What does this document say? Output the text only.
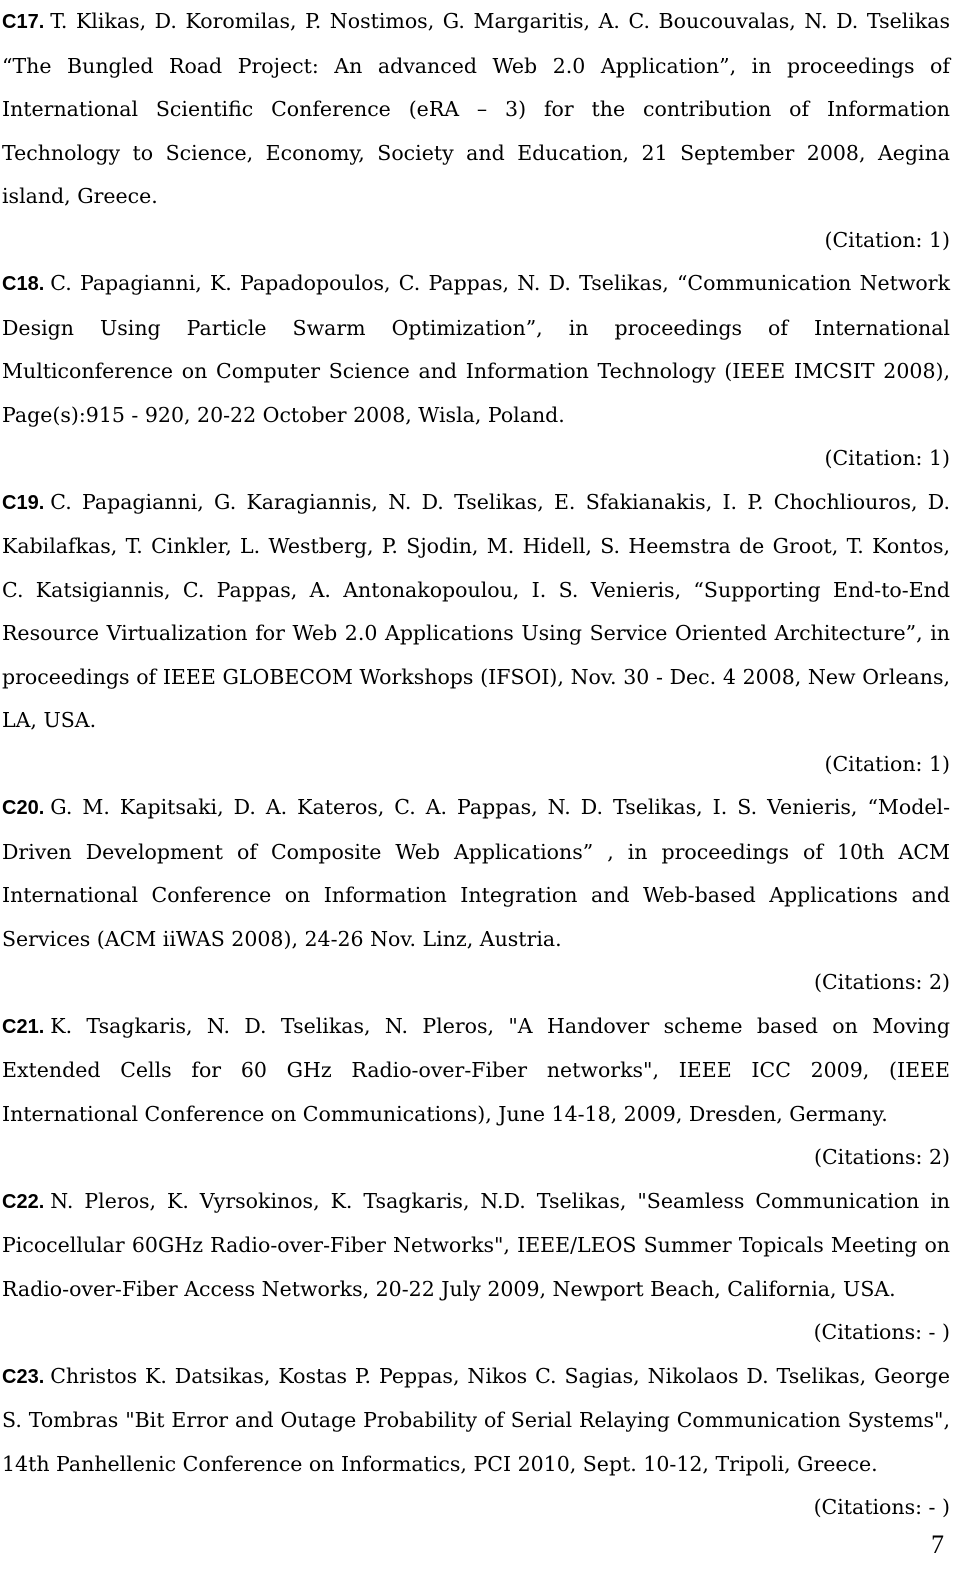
C17. T. Klikas, D. Koromilas, P. Nostimos, G. Margaritis, A. C. Boucouvalas, N. D. Tselikas “The Bungled Road Project: An advanced Web 2.0 Application”, in proceedings of International Scientific Conference (eRA – 3) for the contribution of Information Technology to Science, Economy, Society and Education, 21 September 2008, Aegina island, Greece.

(Citation: 1)

C18. C. Papagianni, K. Papadopoulos, C. Pappas, N. D. Tselikas, “Communication Network Design Using Particle Swarm Optimization”, in proceedings of International Multiconference on Computer Science and Information Technology (IEEE IMCSIT 2008), Page(s):915 - 920, 20-22 October 2008, Wisla, Poland.

(Citation: 1)

C19. C. Papagianni, G. Karagiannis, N. D. Tselikas, E. Sfakianakis, I. P. Chochliouros, D. Kabilafkas, T. Cinkler, L. Westberg, P. Sjodin, M. Hidell, S. Heemstra de Groot, T. Kontos, C. Katsigiannis, C. Pappas, A. Antonakopoulou, I. S. Venieris, “Supporting End-to-End Resource Virtualization for Web 2.0 Applications Using Service Oriented Architecture”, in proceedings of IEEE GLOBECOM Workshops (IFSOI), Nov. 30 - Dec. 4 2008, New Orleans, LA, USA.

(Citation: 1)

C20. G. M. Kapitsaki, D. A. Kateros, C. A. Pappas, N. D. Tselikas, I. S. Venieris, “Model-Driven Development of Composite Web Applications” , in proceedings of 10th ACM International Conference on Information Integration and Web-based Applications and Services (ACM iiWAS 2008), 24-26 Nov. Linz, Austria.

(Citations: 2)

C21. K. Tsagkaris, N. D. Tselikas, N. Pleros, "A Handover scheme based on Moving Extended Cells for 60 GHz Radio-over-Fiber networks", IEEE ICC 2009, (IEEE International Conference on Communications), June 14-18, 2009, Dresden, Germany.

(Citations: 2)

C22. N. Pleros, K. Vyrsokinos, K. Tsagkaris, N.D. Tselikas, "Seamless Communication in Picocellular 60GHz Radio-over-Fiber Networks", IEEE/LEOS Summer Topicals Meeting on Radio-over-Fiber Access Networks, 20-22 July 2009, Newport Beach, California, USA.

(Citations: - )

C23. Christos K. Datsikas, Kostas P. Peppas, Nikos C. Sagias, Nikolaos D. Tselikas, George S. Tombras "Bit Error and Outage Probability of Serial Relaying Communication Systems", 14th Panhellenic Conference on Informatics, PCI 2010, Sept. 10-12, Tripoli, Greece.

(Citations: - )

7
